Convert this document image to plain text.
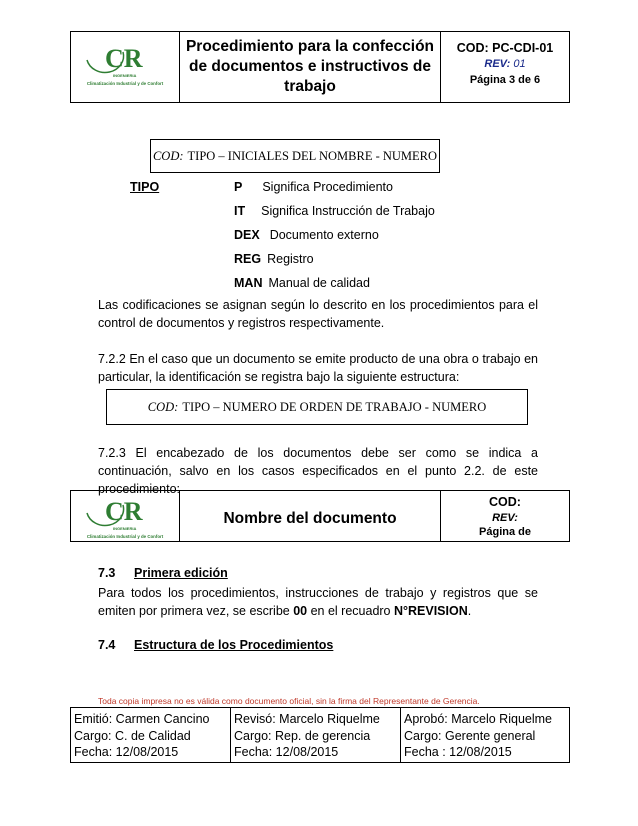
CR
INGENIERIA
Climatización Industrial y de Confort
Procedimiento para la confección de documentos e instructivos de trabajo
COD: PC-CDI-01
REV: 01
Página 3 de 6
COD: TIPO – INICIALES DEL NOMBRE - NUMERO
TIPO	P Significa Procedimiento
IT Significa Instrucción de Trabajo
DEX Documento externo
REG Registro
MAN Manual de calidad
Las codificaciones se asignan según lo descrito en los procedimientos para el control de documentos y registros respectivamente.
7.2.2 En el caso que un documento se emite producto de una obra o trabajo en particular, la identificación se registra bajo la siguiente estructura:
COD: TIPO – NUMERO DE ORDEN DE TRABAJO - NUMERO
7.2.3 El encabezado de los documentos debe ser como se indica a continuación, salvo en los casos especificados en el punto 2.2. de este procedimiento:
CR
INGENIERIA
Climatización Industrial y de Confort
Nombre del documento
COD:
REV:
Página de
7.3 Primera edición
Para todos los procedimientos, instrucciones de trabajo y registros que se emiten por primera vez, se escribe 00 en el recuadro N°REVISION.
7.4 Estructura de los Procedimientos
Toda copia impresa no es válida como documento oficial, sin la firma del Representante de Gerencia.
Emitió: Carmen Cancino
Cargo: C. de Calidad
Fecha: 12/08/2015
Revisó: Marcelo Riquelme
Cargo: Rep. de gerencia
Fecha: 12/08/2015
Aprobó: Marcelo Riquelme
Cargo: Gerente general
Fecha : 12/08/2015
